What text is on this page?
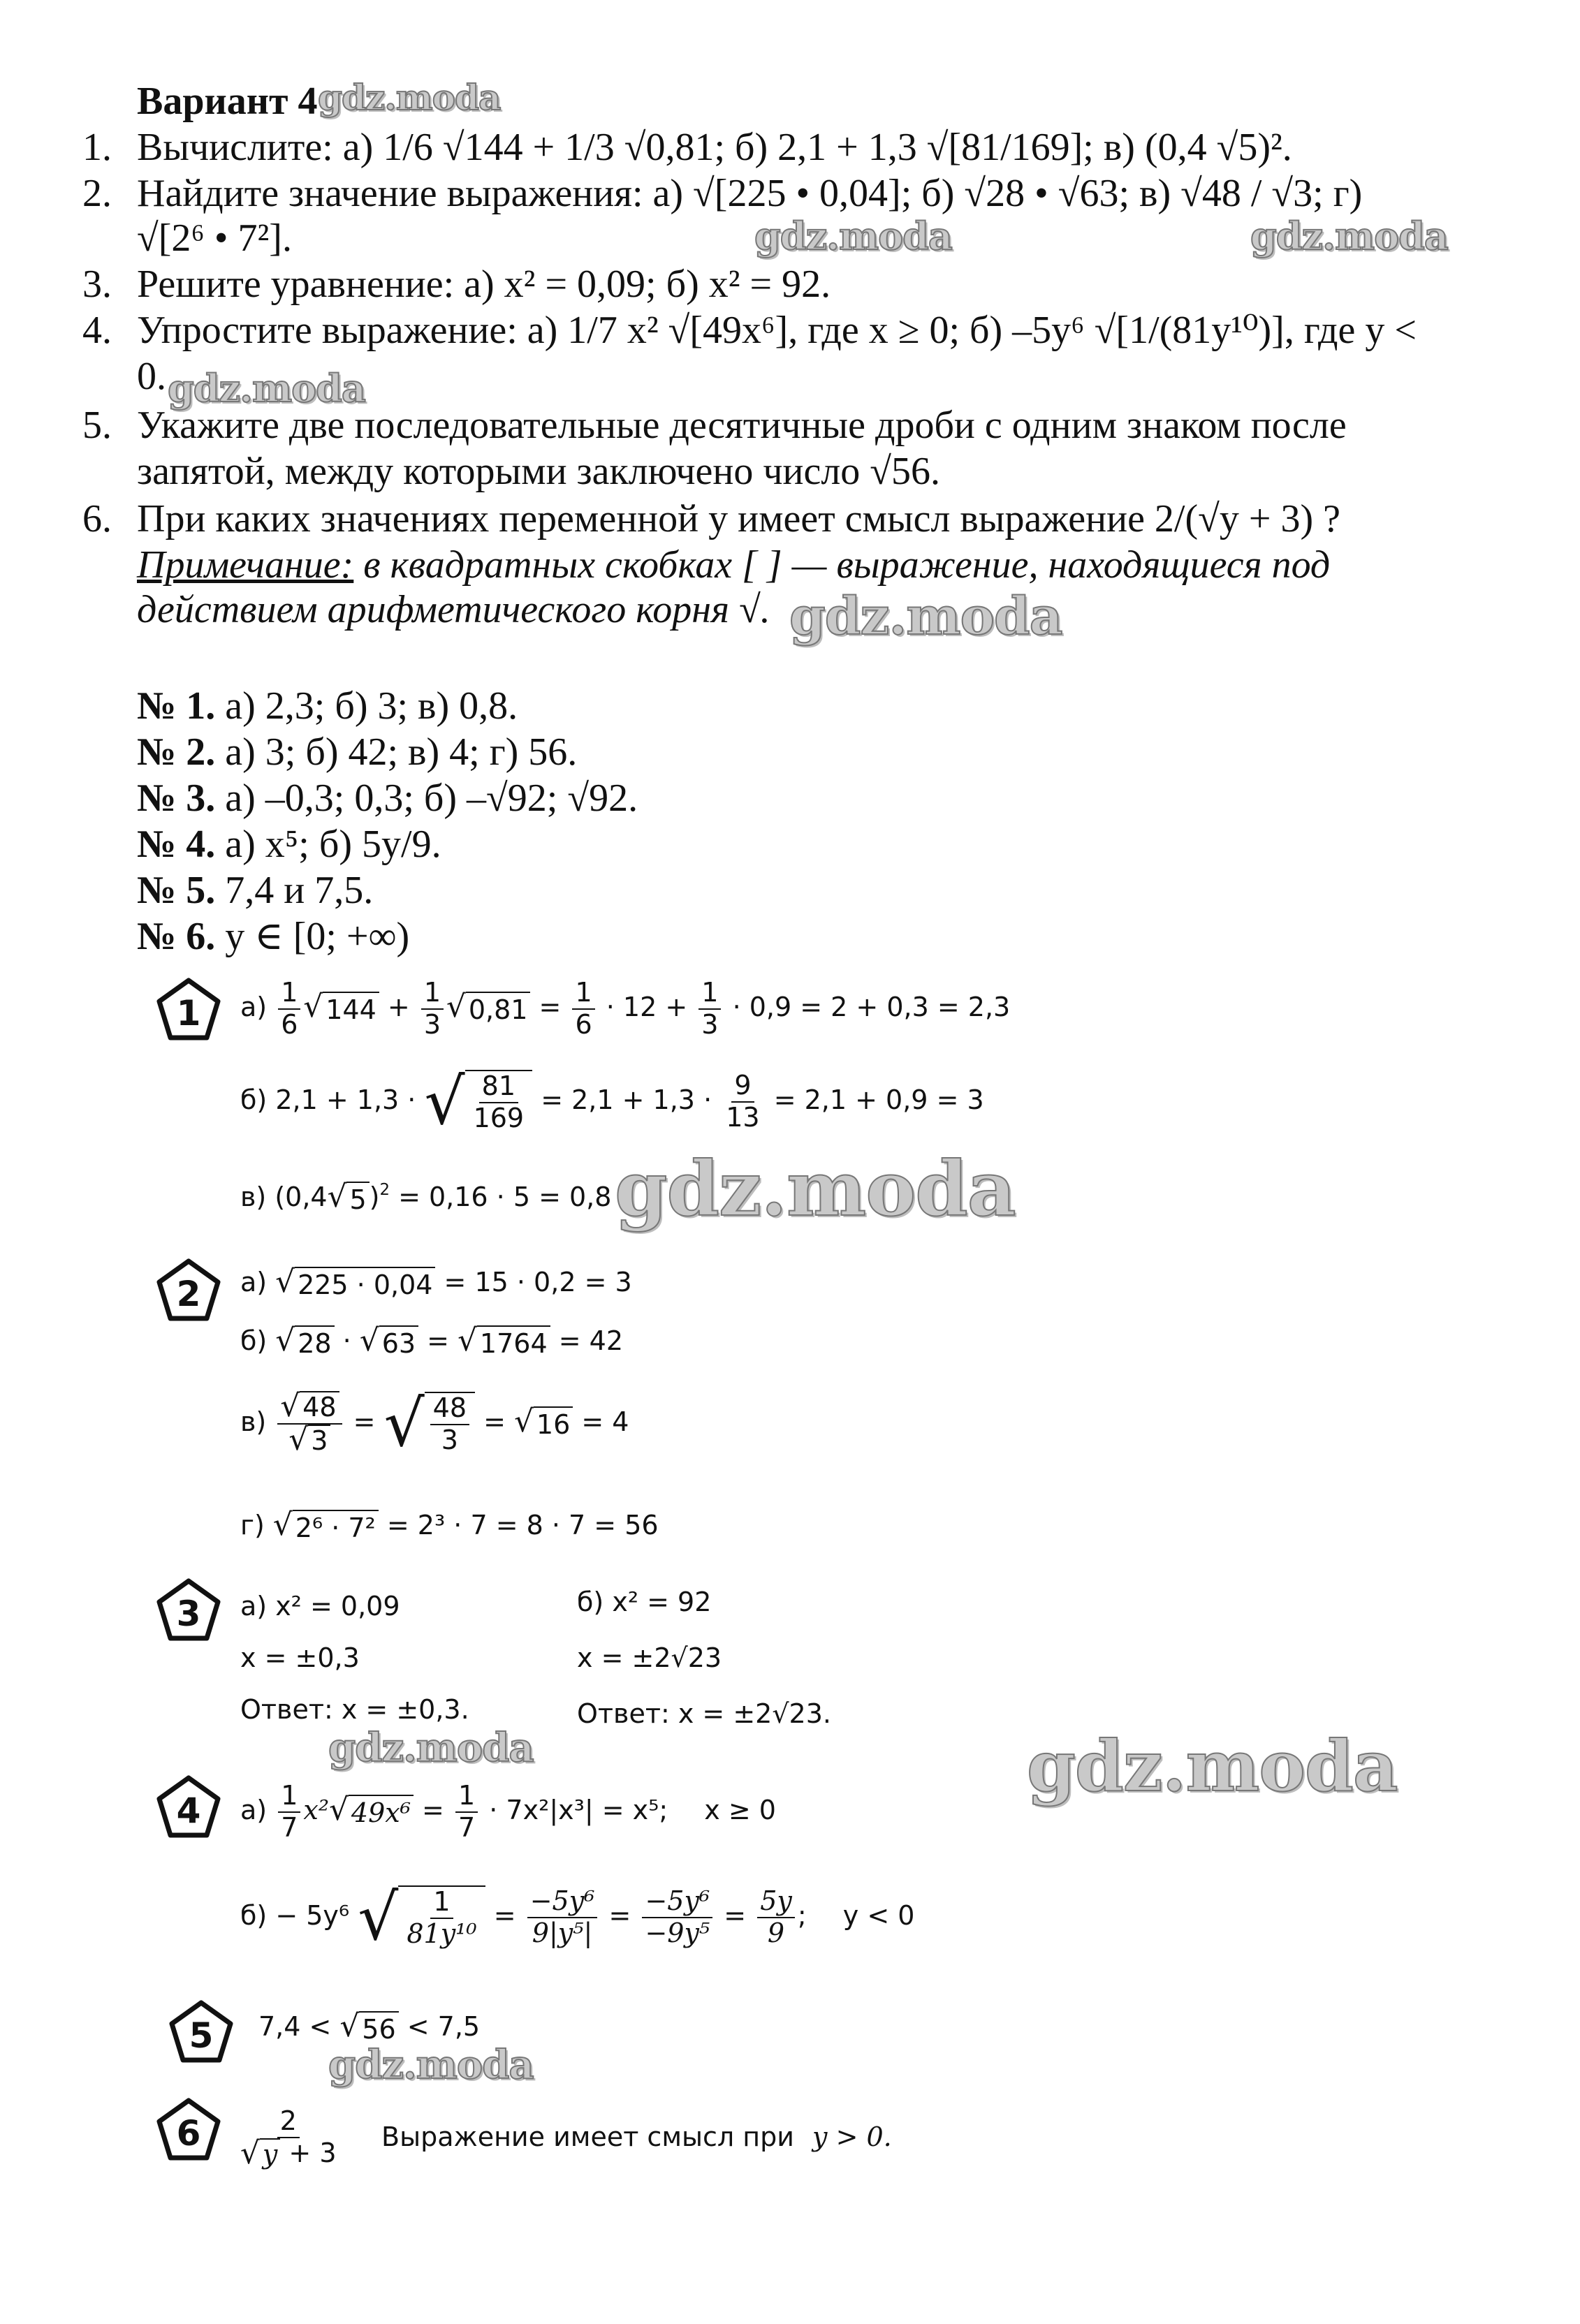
Вариант 4 gdz.moda
1. Вычислите: а) 1/6 √144 + 1/3 √0,81; б) 2,1 + 1,3 √[81/169]; в) (0,4 √5)².
2. Найдите значение выражения: а) √[225 • 0,04]; б) √28 • √63; в) √48 / √3; г)
√[2⁶ • 7²].	gdz.moda	gdz.moda
3. Решите уравнение: а) x² = 0,09; б) x² = 92.
4. Упростите выражение: а) 1/7 x² √[49x⁶], где x ≥ 0; б) –5y⁶ √[1/(81y¹⁰)], где y <
0. gdz.moda
5. Укажите две последовательные десятичные дроби с одним знаком после
запятой, между которыми заключено число √56.
6. При каких значениях переменной y имеет смысл выражение 2/(√y + 3) ?
Примечание: в квадратных скобках [ ] — выражение, находящиеся под
действием арифметического корня √. gdz.moda
№ 1. а) 2,3; б) 3; в) 0,8.
№ 2. а) 3; б) 42; в) 4; г) 56.
№ 3. а) –0,3; 0,3; б) –√92; √92.
№ 4. а) x⁵; б) 5y/9.
№ 5. 7,4 и 7,5.
№ 6. y ∈ [0; +∞)
1 $а) \frac{1}{6}$ √ $144 + \frac{1}{3}$ √ $0,81 = \frac{1}{6} \cdot 12 + \frac{1}{3} \cdot 0,9 = 2 + 0,3 = 2,3$
б) 2,1 + 1,3 · √ $\frac{81}{169} = 2,1 + 1,3 \cdot \frac{9}{13} = 2,1 + 0,9 = 3$
в) (0,4 √ 5 )$^2$ = 0,16 · 5 = 0,8 gdz.moda
2 а) √ 225 · 0,04 = 15 · 0,2 = 3
б) √ 28 · √ 63 = √ 1764 = 42
$в) \frac{√ 48}{√ 3}$ = √ $\frac{48}{3}$ = √ 16 = 4
г) √ 2⁶ · 7² = 2³ · 7 = 8 · 7 = 56
3 а) x² = 0,09
x = ±0,3
Ответ: x = ±0,3.
б) x² = 92
x = ±2√23
Ответ: x = ±2√23.
gdz.moda	gdz.moda
4 $а) \frac{1}{7} x^2$ √ $49x^6 = \frac{1}{7} \cdot 7x^2|x^3| = x^5$; x ≥ 0
б) − 5y⁶ √ $\frac{1}{\text{81y¹⁰}} = \frac{\text{−5y⁶}}{\text{9|y⁵|}} = \frac{\text{−5y⁶}}{\text{−9y⁵}} = \frac{5y}{9}$ ; y < 0
5 7,4 < √ 56 < 7,5
gdz.moda
$6 \frac{2}{√ y + 3}$ Выражение имеет смысл при y > 0.
